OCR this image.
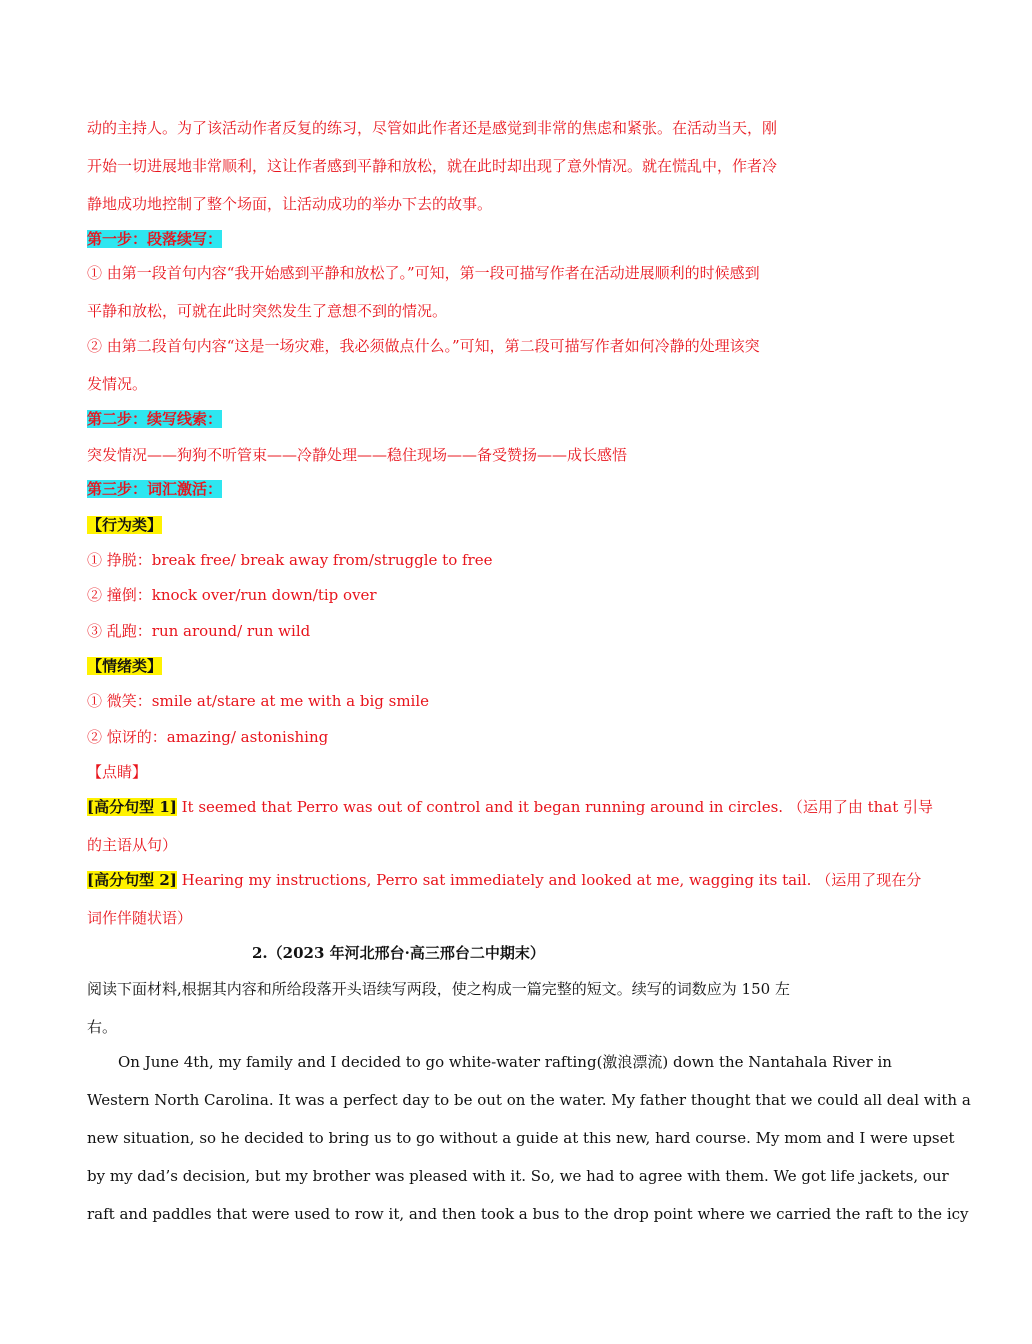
动的主持人。为了该活动作者反复的练习，尽管如此作者还是感觉到非常的焦虑和紧张。在活动当天，刚
开始一切进展地非常顺利，这让作者感到平静和放松，就在此时却出现了意外情况。就在慌乱中，作者冷
静地成功地控制了整个场面，让活动成功的举办下去的故事。
第一步：段落续写：
① 由第一段首句内容“我开始感到平静和放松了。”可知，第一段可描写作者在活动进展顺利的时候感到
平静和放松，可就在此时突然发生了意想不到的情况。
② 由第二段首句内容“这是一场灾难，我必须做点什么。”可知，第二段可描写作者如何冷静的处理该突
发情况。
第二步：续写线索：
突发情况——狗狗不听管束——冷静处理——稳住现场——备受赞扬——成长感悟
第三步：词汇激活：
【行为类】
① 挣脱：break free/ break away from/struggle to free
② 撞倒：knock over/run down/tip over
③ 乱跑：run around/ run wild
【情绪类】
① 微笑：smile at/stare at me with a big smile
② 惊讶的：amazing/ astonishing
【点睛】
[高分句型 1] It seemed that Perro was out of control and it began running around in circles. （运用了由 that 引导
的主语从句）
[高分句型 2] Hearing my instructions, Perro sat immediately and looked at me, wagging its tail. （运用了现在分
词作伴随状语）
2.（2023 年河北邢台·高三邢台二中期末）
阅读下面材料,根据其内容和所给段落开头语续写两段，使之构成一篇完整的短文。续写的词数应为 150 左
右。
On June 4th, my family and I decided to go white-water rafting(激浪漂流) down the Nantahala River in
Western North Carolina. It was a perfect day to be out on the water. My father thought that we could all deal with a
new situation, so he decided to bring us to go without a guide at this new, hard course. My mom and I were upset
by my dad’s decision, but my brother was pleased with it. So, we had to agree with them. We got life jackets, our
raft and paddles that were used to row it, and then took a bus to the drop point where we carried the raft to the icy
